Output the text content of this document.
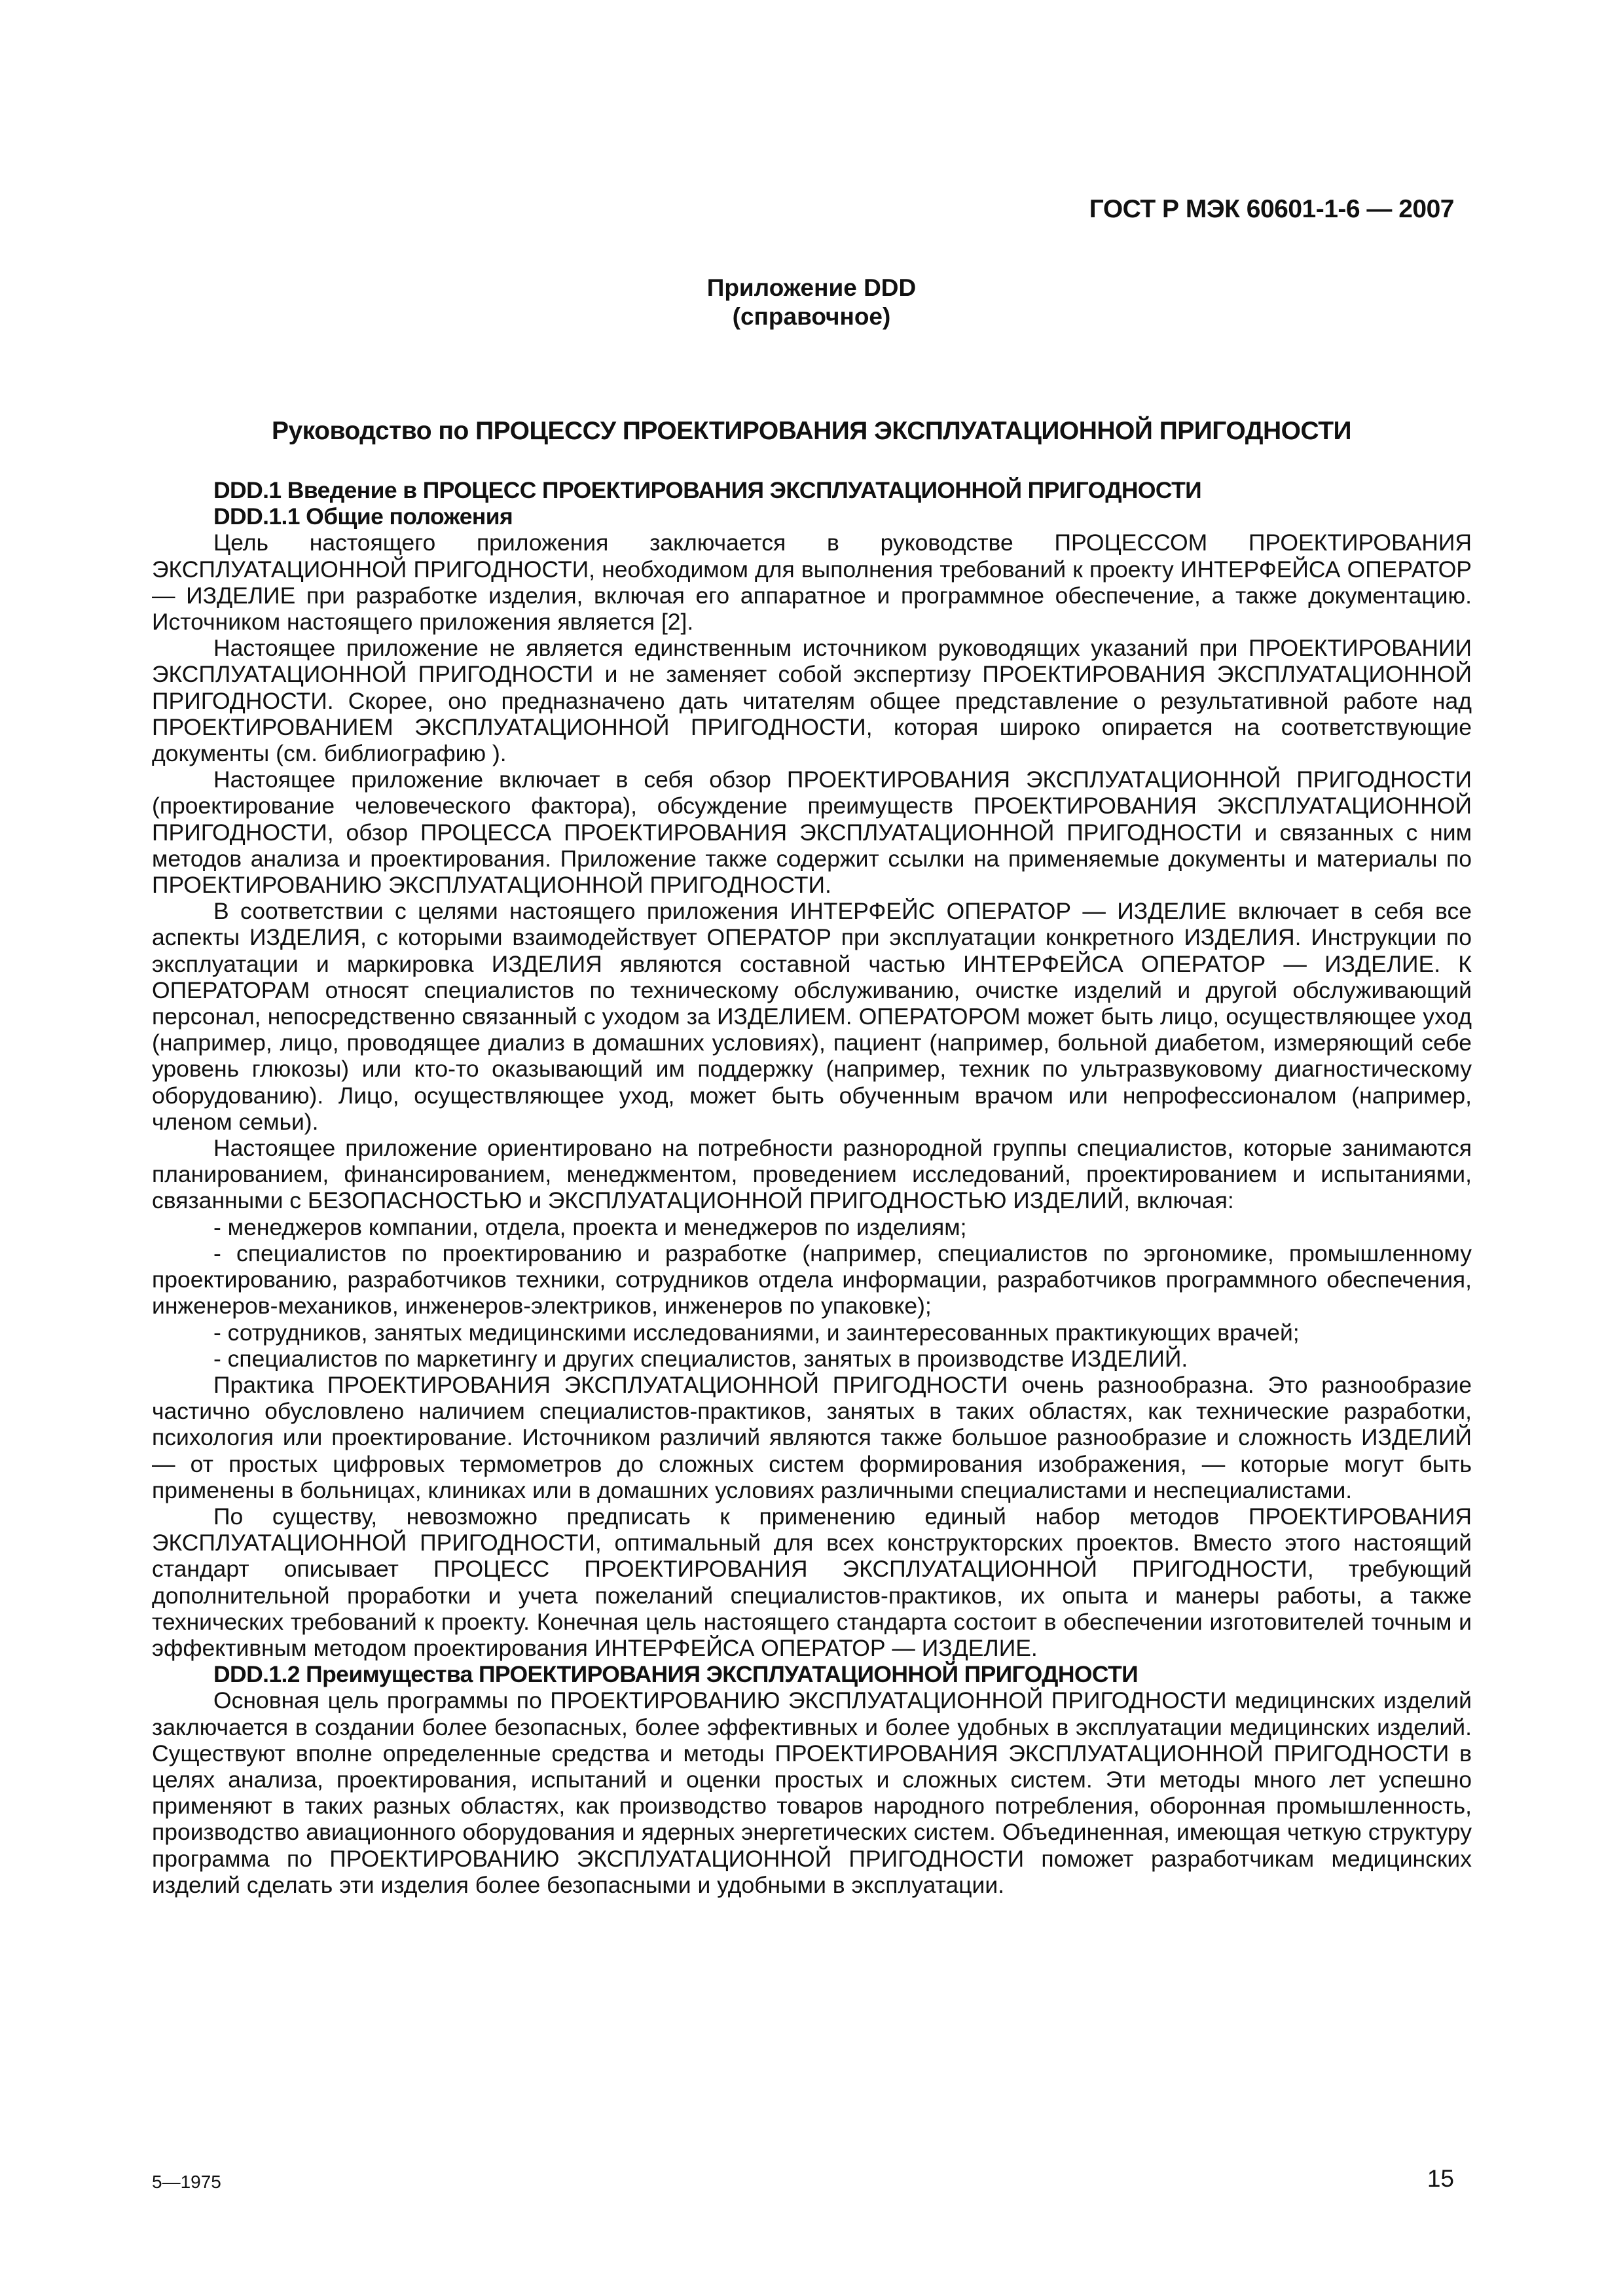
ГОСТ Р МЭК 60601-1-6 — 2007
Приложение DDD
(справочное)
Руководство по ПРОЦЕССУ ПРОЕКТИРОВАНИЯ ЭКСПЛУАТАЦИОННОЙ ПРИГОДНОСТИ
DDD.1 Введение в ПРОЦЕСС ПРОЕКТИРОВАНИЯ ЭКСПЛУАТАЦИОННОЙ ПРИГОДНОСТИ
DDD.1.1 Общие положения

Цель настоящего приложения заключается в руководстве ПРОЦЕССОМ ПРОЕКТИРОВАНИЯ ЭКСПЛУАТАЦИОННОЙ ПРИГОДНОСТИ, необходимом для выполнения требований к проекту ИНТЕРФЕЙСА ОПЕРАТОР — ИЗДЕЛИЕ при разработке изделия, включая его аппаратное и программное обеспечение, а также документацию. Источником настоящего приложения является [2].

Настоящее приложение не является единственным источником руководящих указаний при ПРОЕКТИРОВАНИИ ЭКСПЛУАТАЦИОННОЙ ПРИГОДНОСТИ и не заменяет собой экспертизу ПРОЕКТИРОВАНИЯ ЭКСПЛУАТАЦИОННОЙ ПРИГОДНОСТИ. Скорее, оно предназначено дать читателям общее представление о результативной работе над ПРОЕКТИРОВАНИЕМ ЭКСПЛУАТАЦИОННОЙ ПРИГОДНОСТИ, которая широко опирается на соответствующие документы (см. библиографию ).

Настоящее приложение включает в себя обзор ПРОЕКТИРОВАНИЯ ЭКСПЛУАТАЦИОННОЙ ПРИГОДНОСТИ (проектирование человеческого фактора), обсуждение преимуществ ПРОЕКТИРОВАНИЯ ЭКСПЛУАТАЦИОННОЙ ПРИГОДНОСТИ, обзор ПРОЦЕССА ПРОЕКТИРОВАНИЯ ЭКСПЛУАТАЦИОННОЙ ПРИГОДНОСТИ и связанных с ним методов анализа и проектирования. Приложение также содержит ссылки на применяемые документы и материалы по ПРОЕКТИРОВАНИЮ ЭКСПЛУАТАЦИОННОЙ ПРИГОДНОСТИ.

В соответствии с целями настоящего приложения ИНТЕРФЕЙС ОПЕРАТОР — ИЗДЕЛИЕ включает в себя все аспекты ИЗДЕЛИЯ, с которыми взаимодействует ОПЕРАТОР при эксплуатации конкретного ИЗДЕЛИЯ. Инструкции по эксплуатации и маркировка ИЗДЕЛИЯ являются составной частью ИНТЕРФЕЙСА ОПЕРАТОР — ИЗДЕЛИЕ. К ОПЕРАТОРАМ относят специалистов по техническому обслуживанию, очистке изделий и другой обслуживающий персонал, непосредственно связанный с уходом за ИЗДЕЛИЕМ. ОПЕРАТОРОМ может быть лицо, осуществляющее уход (например, лицо, проводящее диализ в домашних условиях), пациент (например, больной диабетом, измеряющий себе уровень глюкозы) или кто-то оказывающий им поддержку (например, техник по ультразвуковому диагностическому оборудованию). Лицо, осуществляющее уход, может быть обученным врачом или непрофессионалом (например, членом семьи).

Настоящее приложение ориентировано на потребности разнородной группы специалистов, которые занимаются планированием, финансированием, менеджментом, проведением исследований, проектированием и испытаниями, связанными с БЕЗОПАСНОСТЬЮ и ЭКСПЛУАТАЦИОННОЙ ПРИГОДНОСТЬЮ ИЗДЕЛИЙ, включая:

- менеджеров компании, отдела, проекта и менеджеров по изделиям;
- специалистов по проектированию и разработке (например, специалистов по эргономике, промышленному проектированию, разработчиков техники, сотрудников отдела информации, разработчиков программного обеспечения, инженеров-механиков, инженеров-электриков, инженеров по упаковке);
- сотрудников, занятых медицинскими исследованиями, и заинтересованных практикующих врачей;
- специалистов по маркетингу и других специалистов, занятых в производстве ИЗДЕЛИЙ.

Практика ПРОЕКТИРОВАНИЯ ЭКСПЛУАТАЦИОННОЙ ПРИГОДНОСТИ очень разнообразна. Это разнообразие частично обусловлено наличием специалистов-практиков, занятых в таких областях, как технические разработки, психология или проектирование. Источником различий являются также большое разнообразие и сложность ИЗДЕЛИЙ — от простых цифровых термометров до сложных систем формирования изображения, — которые могут быть применены в больницах, клиниках или в домашних условиях различными специалистами и неспециалистами.

По существу, невозможно предписать к применению единый набор методов ПРОЕКТИРОВАНИЯ ЭКСПЛУАТАЦИОННОЙ ПРИГОДНОСТИ, оптимальный для всех конструкторских проектов. Вместо этого настоящий стандарт описывает ПРОЦЕСС ПРОЕКТИРОВАНИЯ ЭКСПЛУАТАЦИОННОЙ ПРИГОДНОСТИ, требующий дополнительной проработки и учета пожеланий специалистов-практиков, их опыта и манеры работы, а также технических требований к проекту. Конечная цель настоящего стандарта состоит в обеспечении изготовителей точным и эффективным методом проектирования ИНТЕРФЕЙСА ОПЕРАТОР — ИЗДЕЛИЕ.

DDD.1.2 Преимущества ПРОЕКТИРОВАНИЯ ЭКСПЛУАТАЦИОННОЙ ПРИГОДНОСТИ

Основная цель программы по ПРОЕКТИРОВАНИЮ ЭКСПЛУАТАЦИОННОЙ ПРИГОДНОСТИ медицинских изделий заключается в создании более безопасных, более эффективных и более удобных в эксплуатации медицинских изделий. Существуют вполне определенные средства и методы ПРОЕКТИРОВАНИЯ ЭКСПЛУАТАЦИОННОЙ ПРИГОДНОСТИ в целях анализа, проектирования, испытаний и оценки простых и сложных систем. Эти методы много лет успешно применяют в таких разных областях, как производство товаров народного потребления, оборонная промышленность, производство авиационного оборудования и ядерных энергетических систем. Объединенная, имеющая четкую структуру программа по ПРОЕКТИРОВАНИЮ ЭКСПЛУАТАЦИОННОЙ ПРИГОДНОСТИ поможет разработчикам медицинских изделий сделать эти изделия более безопасными и удобными в эксплуатации.

5—1975	15
